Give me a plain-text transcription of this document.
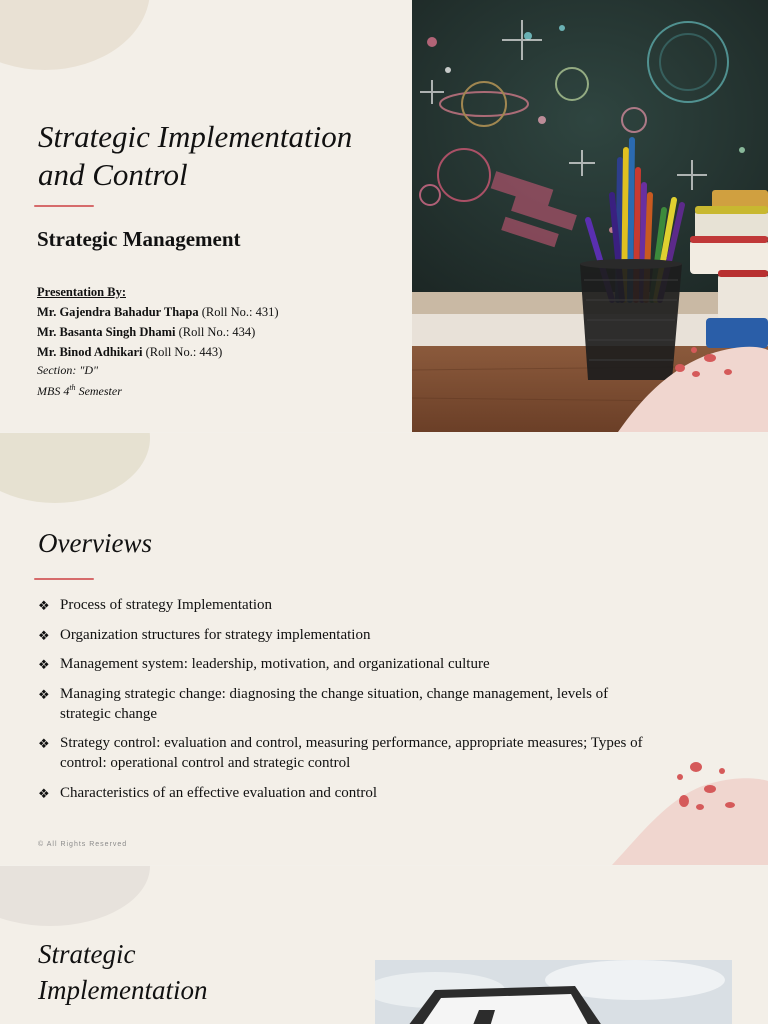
Strategic Implementation
and Control
Strategic Management
Presentation By:
Mr. Gajendra Bahadur Thapa (Roll No.: 431)
Mr. Basanta Singh Dhami (Roll No.: 434)
Mr. Binod Adhikari (Roll No.: 443)
Section: "D"
MBS 4th Semester
Overviews
❖ Process of strategy Implementation
❖ Organization structures for strategy implementation
❖ Management system: leadership, motivation, and organizational culture
❖ Managing strategic change: diagnosing the change situation, change management, levels of strategic change
❖ Strategy control: evaluation and control, measuring performance, appropriate measures; Types of control: operational control and strategic control
❖ Characteristics of an effective evaluation and control
© All Rights Reserved
Strategic
Implementation
